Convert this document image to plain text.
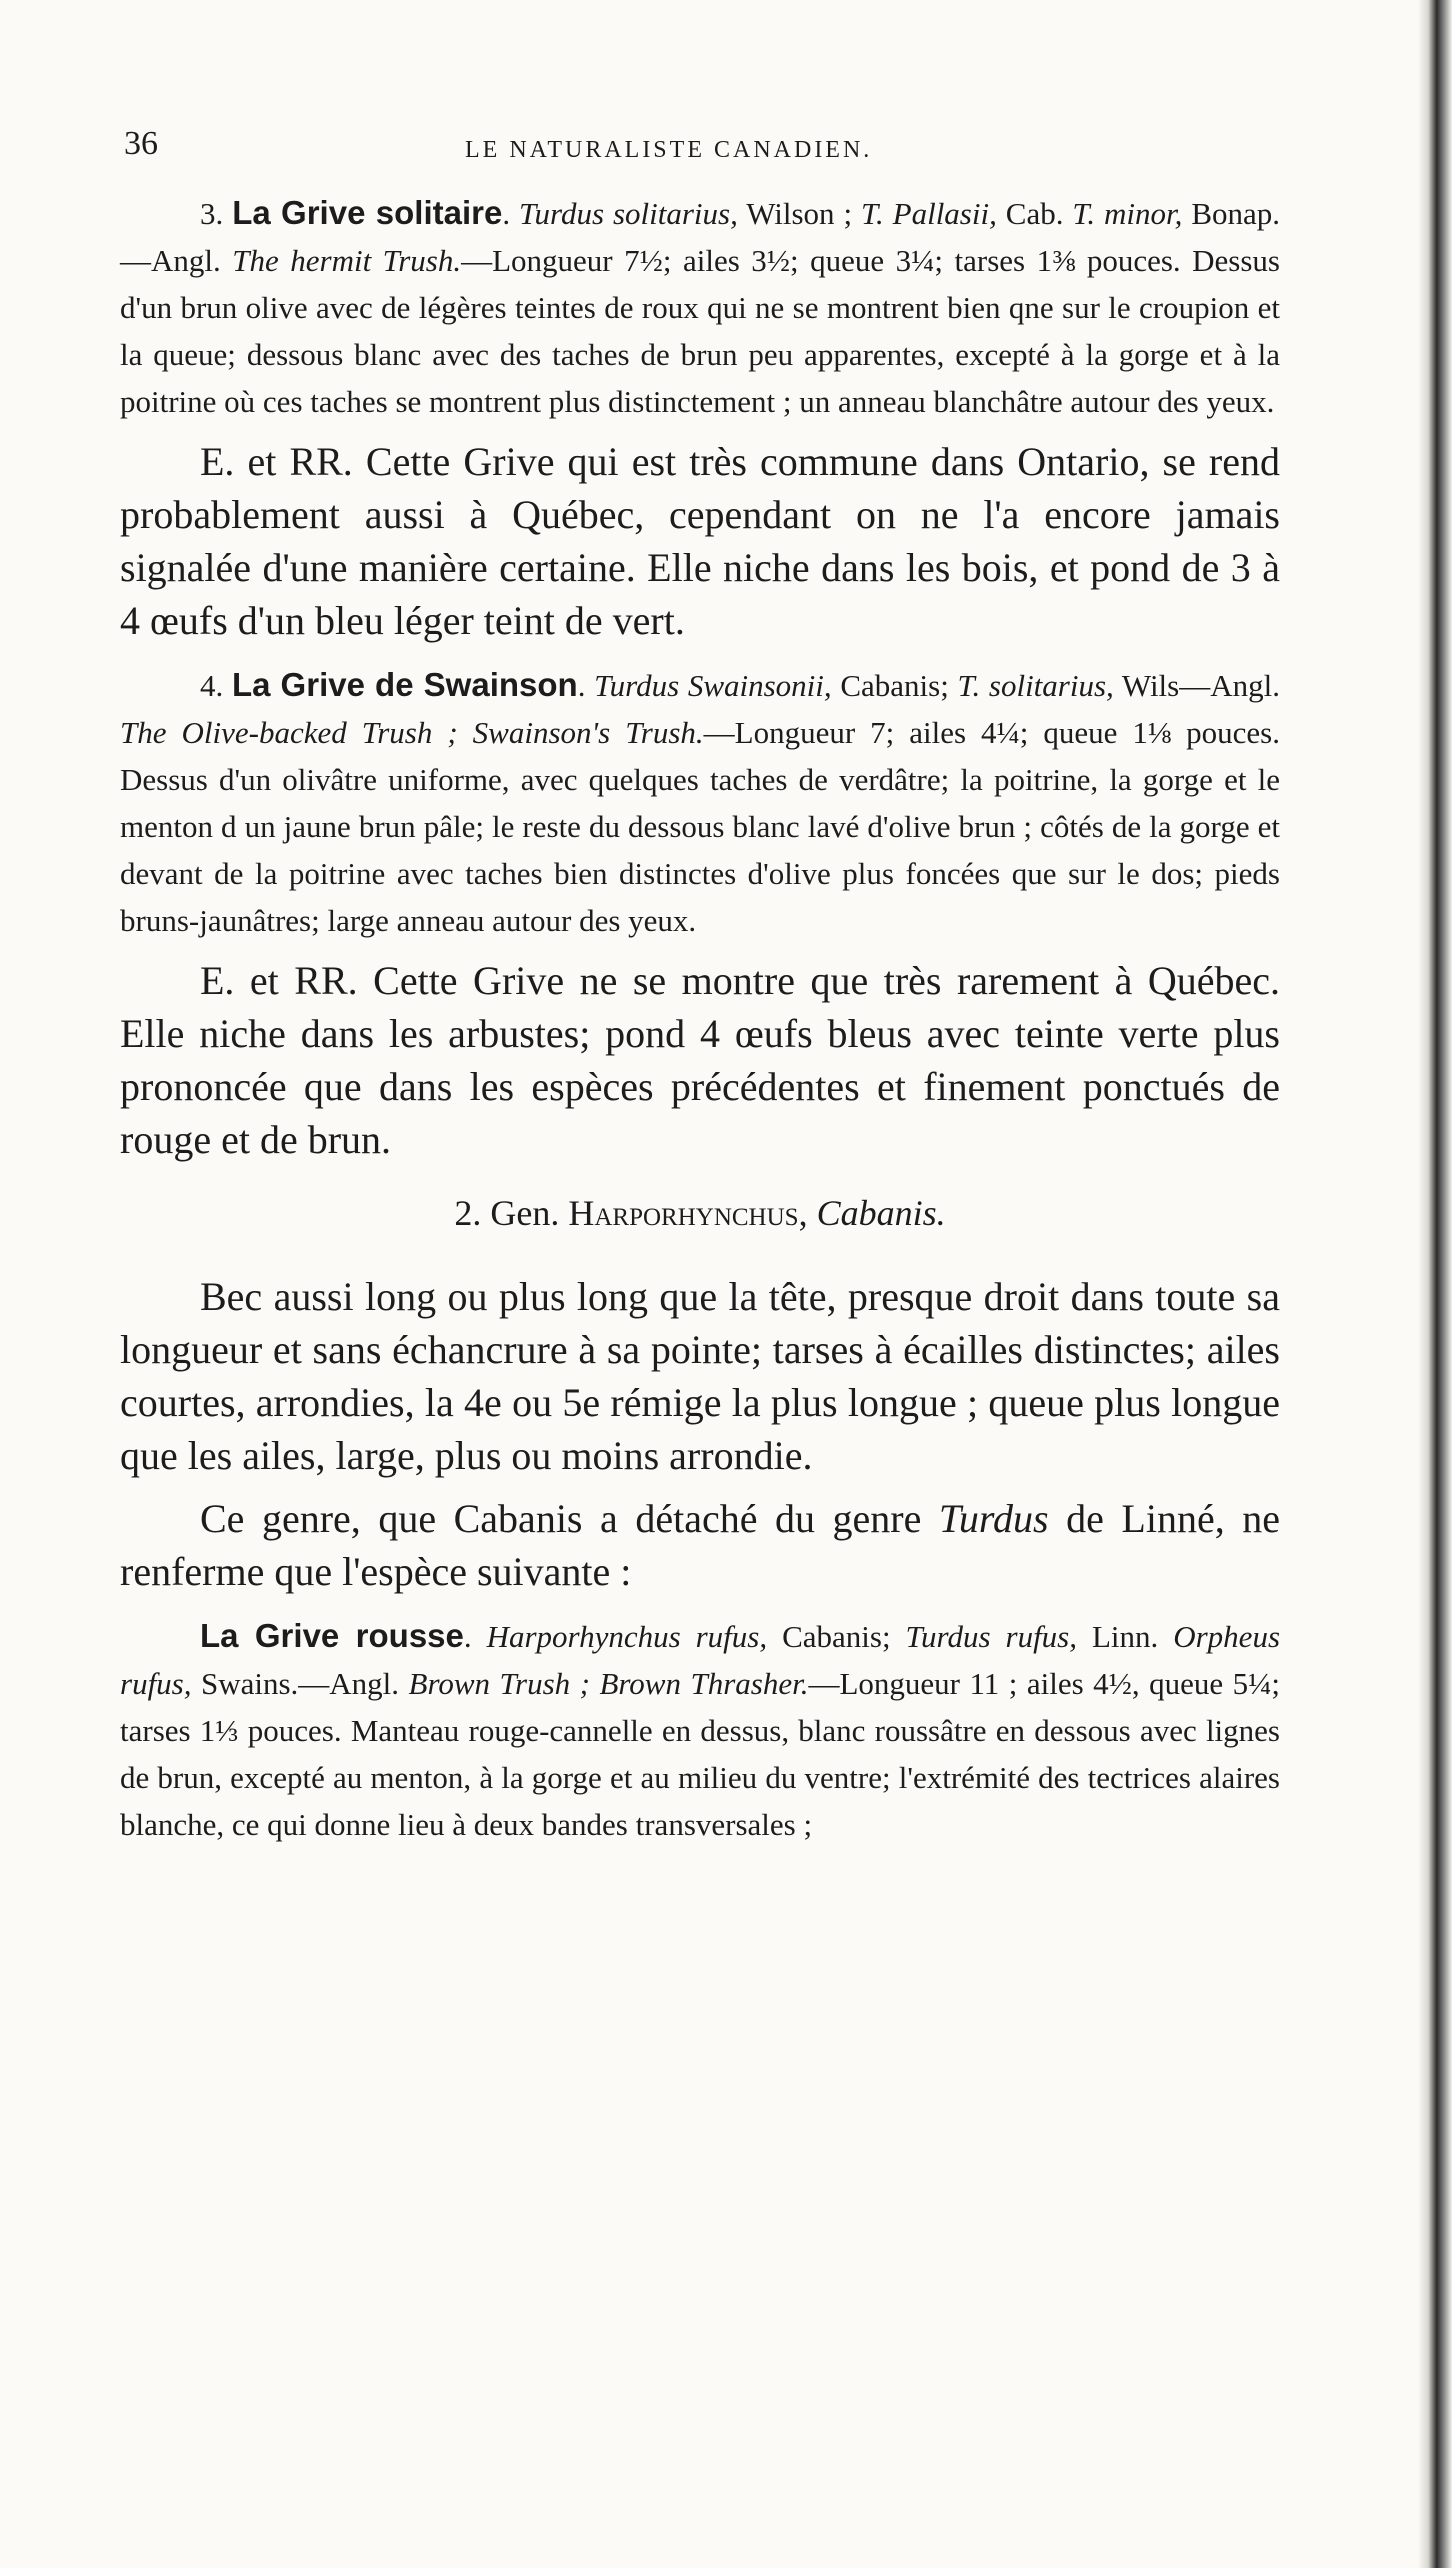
36	LE NATURALISTE CANADIEN.

3. La Grive solitaire. Turdus solitarius, Wilson ; T. Pallasii, Cab. T. minor, Bonap.—Angl. The hermit Trush.—Longueur 7½; ailes 3½; queue 3¼; tarses 1⅜ pouces. Dessus d'un brun olive avec de légères teintes de roux qui ne se montrent bien qne sur le croupion et la queue; dessous blanc avec des taches de brun peu apparentes, excepté à la gorge et à la poitrine où ces taches se montrent plus distinctement ; un anneau blanchâtre autour des yeux.

E. et RR. Cette Grive qui est très commune dans Ontario, se rend probablement aussi à Québec, cependant on ne l'a encore jamais signalée d'une manière certaine. Elle niche dans les bois, et pond de 3 à 4 œufs d'un bleu léger teint de vert.

4. La Grive de Swainson. Turdus Swainsonii, Cabanis; T. solitarius, Wils—Angl. The Olive-backed Trush ; Swainson's Trush.—Longueur 7; ailes 4¼; queue 1⅛ pouces. Dessus d'un olivâtre uniforme, avec quelques taches de verdâtre; la poitrine, la gorge et le menton d un jaune brun pâle; le reste du dessous blanc lavé d'olive brun ; côtés de la gorge et devant de la poitrine avec taches bien distinctes d'olive plus foncées que sur le dos; pieds bruns-jaunâtres; large anneau autour des yeux.

E. et RR. Cette Grive ne se montre que très rarement à Québec. Elle niche dans les arbustes; pond 4 œufs bleus avec teinte verte plus prononcée que dans les espèces précédentes et finement ponctués de rouge et de brun.

2. Gen. Harporhynchus, Cabanis.

Bec aussi long ou plus long que la tête, presque droit dans toute sa longueur et sans échancrure à sa pointe; tarses à écailles distinctes; ailes courtes, arrondies, la 4e ou 5e rémige la plus longue ; queue plus longue que les ailes, large, plus ou moins arrondie.

Ce genre, que Cabanis a détaché du genre Turdus de Linné, ne renferme que l'espèce suivante :

La Grive rousse. Harporhynchus rufus, Cabanis; Turdus rufus, Linn. Orpheus rufus, Swains.—Angl. Brown Trush ; Brown Thrasher.—Longueur 11 ; ailes 4½, queue 5¼; tarses 1⅓ pouces. Manteau rouge-cannelle en dessus, blanc roussâtre en dessous avec lignes de brun, excepté au menton, à la gorge et au milieu du ventre; l'extrémité des tectrices alaires blanche, ce qui donne lieu à deux bandes transversales ;
